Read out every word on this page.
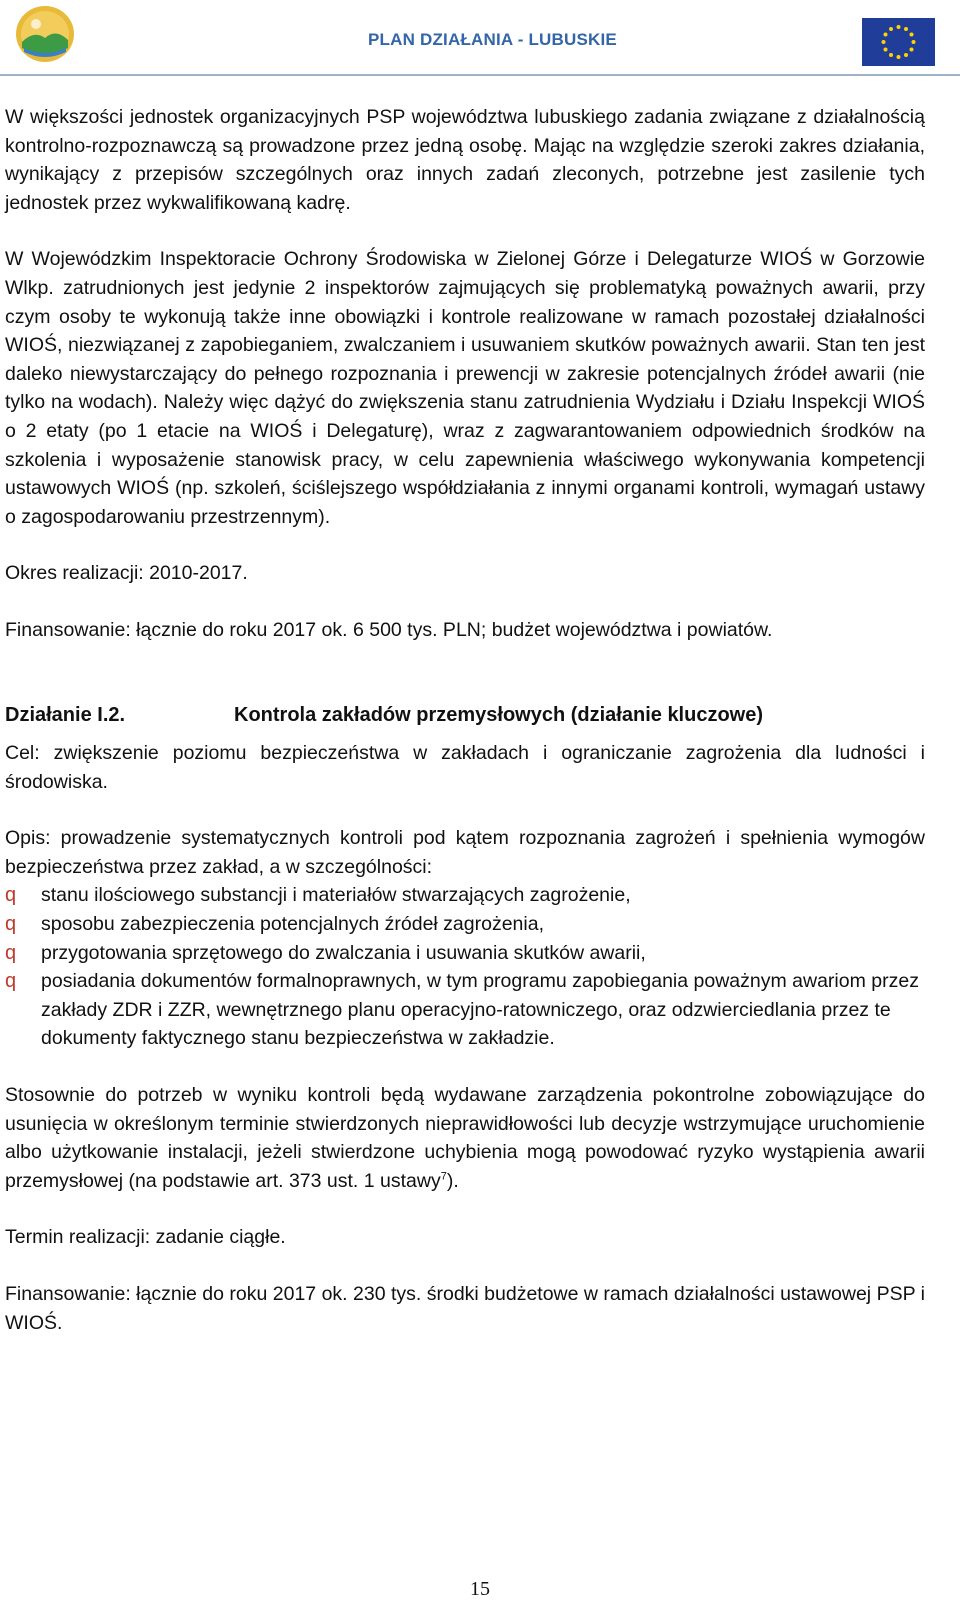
PLAN DZIAŁANIA - LUBUSKIE

W większości jednostek organizacyjnych PSP województwa lubuskiego zadania związane z działalnością kontrolno-rozpoznawczą są prowadzone przez jedną osobę. Mając na względzie szeroki zakres działania, wynikający z przepisów szczególnych oraz innych zadań zleconych, potrzebne jest zasilenie tych jednostek przez wykwalifikowaną kadrę.

W Wojewódzkim Inspektoracie Ochrony Środowiska w Zielonej Górze i Delegaturze WIOŚ w Gorzowie Wlkp. zatrudnionych jest jedynie 2 inspektorów zajmujących się problematyką poważnych awarii, przy czym osoby te wykonują także inne obowiązki i kontrole realizowane w ramach pozostałej działalności WIOŚ, niezwiązanej z zapobieganiem, zwalczaniem i usuwaniem skutków poważnych awarii. Stan ten jest daleko niewystarczający do pełnego rozpoznania i prewencji w zakresie potencjalnych źródeł awarii (nie tylko na wodach). Należy więc dążyć do zwiększenia stanu zatrudnienia Wydziału i Działu Inspekcji WIOŚ o 2 etaty (po 1 etacie na WIOŚ i Delegaturę), wraz z zagwarantowaniem odpowiednich środków na szkolenia i wyposażenie stanowisk pracy, w celu zapewnienia właściwego wykonywania kompetencji ustawowych WIOŚ (np. szkoleń, ściślejszego współdziałania z innymi organami kontroli, wymagań ustawy o zagospodarowaniu przestrzennym).

Okres realizacji: 2010-2017.

Finansowanie: łącznie do roku 2017 ok. 6 500 tys. PLN; budżet województwa i powiatów.

Działanie I.2.	Kontrola zakładów przemysłowych (działanie kluczowe)

Cel: zwiększenie poziomu bezpieczeństwa w zakładach i ograniczanie zagrożenia dla ludności i środowiska.

Opis: prowadzenie systematycznych kontroli pod kątem rozpoznania zagrożeń i spełnienia wymogów bezpieczeństwa przez zakład, a w szczególności:

q stanu ilościowego substancji i materiałów stwarzających zagrożenie,
q sposobu zabezpieczenia potencjalnych źródeł zagrożenia,
q przygotowania sprzętowego do zwalczania i usuwania skutków awarii,
q posiadania dokumentów formalnoprawnych, w tym programu zapobiegania poważnym awariom przez zakłady ZDR i ZZR, wewnętrznego planu operacyjno-ratowniczego, oraz odzwierciedlania przez te dokumenty faktycznego stanu bezpieczeństwa w zakładzie.

Stosownie do potrzeb w wyniku kontroli będą wydawane zarządzenia pokontrolne zobowiązujące do usunięcia w określonym terminie stwierdzonych nieprawidłowości lub decyzje wstrzymujące uruchomienie albo użytkowanie instalacji, jeżeli stwierdzone uchybienia mogą powodować ryzyko wystąpienia awarii przemysłowej (na podstawie art. 373 ust. 1 ustawy$^7$).

Termin realizacji: zadanie ciągłe.

Finansowanie: łącznie do roku 2017 ok. 230 tys. środki budżetowe w ramach działalności ustawowej PSP i WIOŚ.

15
